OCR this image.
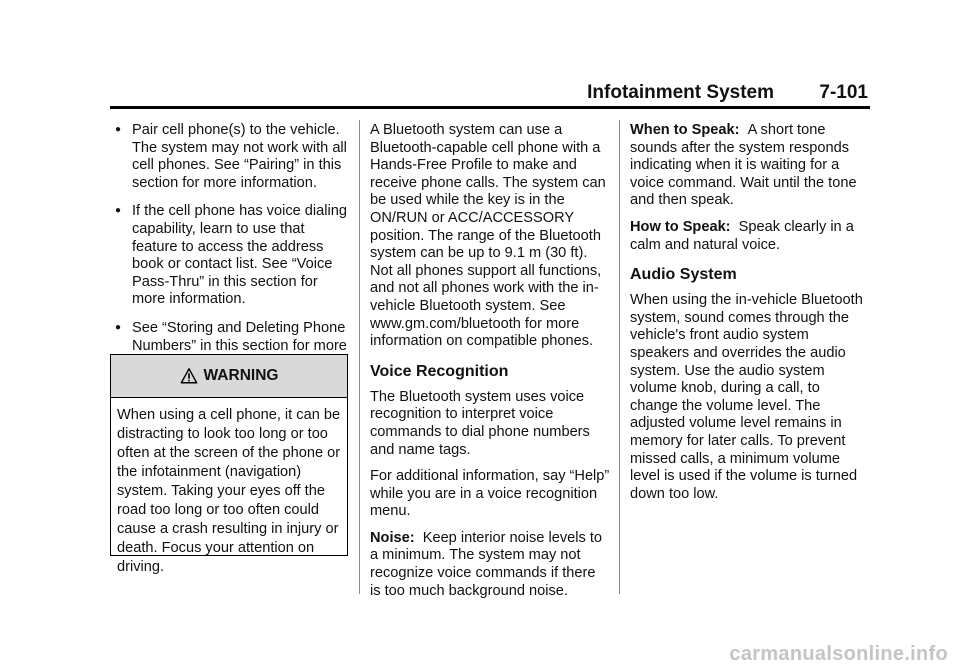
Infotainment System 7-101
● Pair cell phone(s) to the vehicle. The system may not work with all cell phones. See “Pairing” in this section for more information.
● If the cell phone has voice dialing capability, learn to use that feature to access the address book or contact list. See “Voice Pass-Thru” in this section for more information.
● See “Storing and Deleting Phone Numbers” in this section for more
WARNING
When using a cell phone, it can be distracting to look too long or too often at the screen of the phone or the infotainment (navigation) system. Taking your eyes off the road too long or too often could cause a crash resulting in injury or death. Focus your attention on driving.

A Bluetooth system can use a Bluetooth-capable cell phone with a Hands-Free Profile to make and receive phone calls. The system can be used while the key is in the ON/RUN or ACC/ACCESSORY position. The range of the Bluetooth system can be up to 9.1 m (30 ft). Not all phones support all functions, and not all phones work with the in-vehicle Bluetooth system. See www.gm.com/bluetooth for more information on compatible phones.

Voice Recognition

The Bluetooth system uses voice recognition to interpret voice commands to dial phone numbers and name tags.

For additional information, say “Help” while you are in a voice recognition menu.

Noise: Keep interior noise levels to a minimum. The system may not recognize voice commands if there is too much background noise.

When to Speak: A short tone sounds after the system responds indicating when it is waiting for a voice command. Wait until the tone and then speak.

How to Speak: Speak clearly in a calm and natural voice.

Audio System

When using the in-vehicle Bluetooth system, sound comes through the vehicle's front audio system speakers and overrides the audio system. Use the audio system volume knob, during a call, to change the volume level. The adjusted volume level remains in memory for later calls. To prevent missed calls, a minimum volume level is used if the volume is turned down too low.

carmanualsonline.info
